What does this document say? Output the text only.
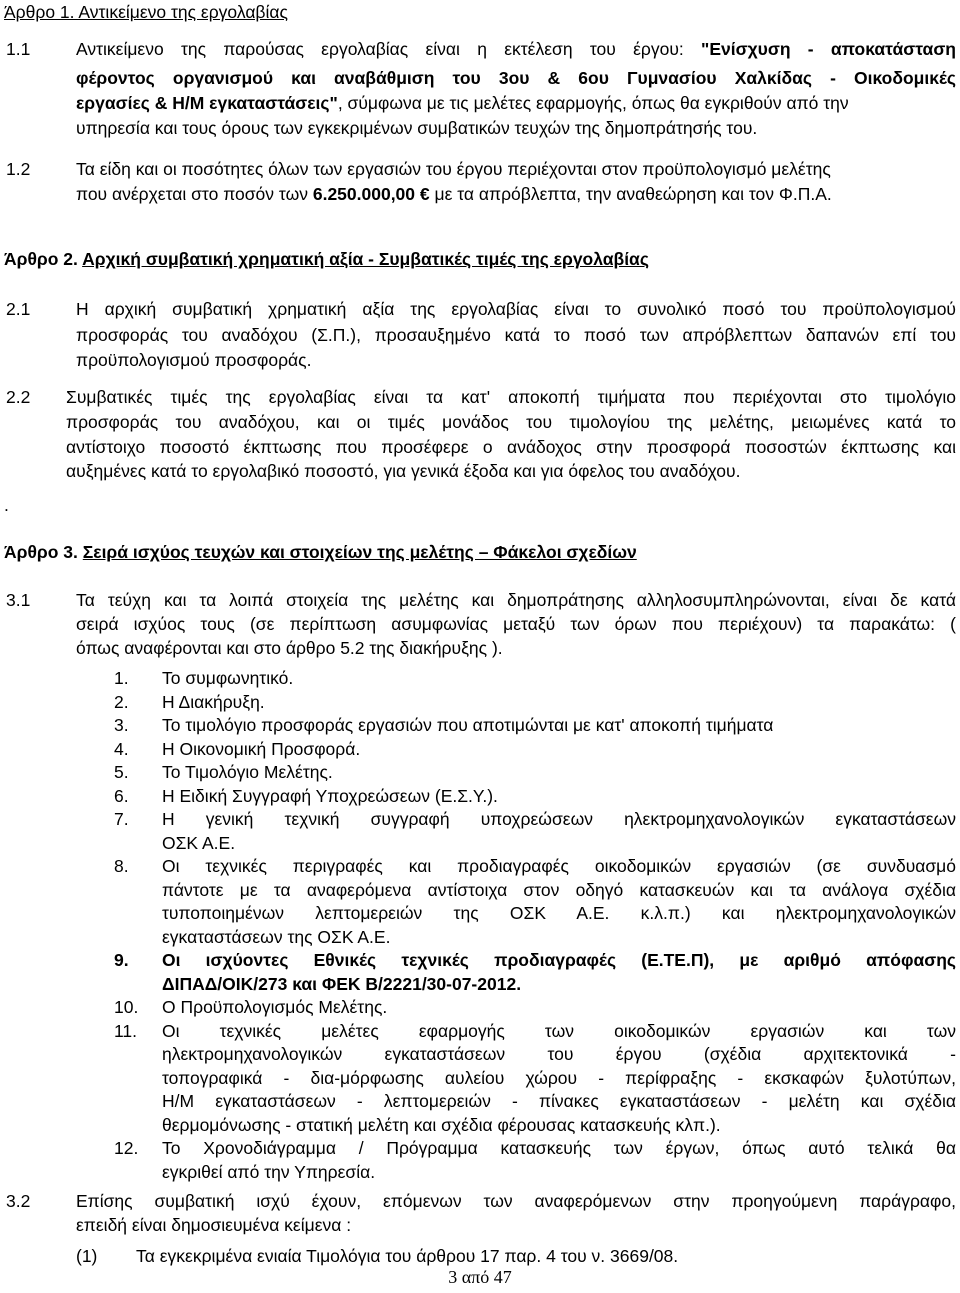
Άρθρο 1. Αντικείμενο της εργολαβίας
1.1	Αντικείμενο της παρούσας εργολαβίας είναι η εκτέλεση του έργου: "Ενίσχυση - αποκατάσταση
φέροντος οργανισμού και αναβάθμιση του 3ου & 6ου Γυμνασίου Χαλκίδας - Οικοδομικές
εργασίες & Η/Μ εγκαταστάσεις", σύμφωνα με τις μελέτες εφαρμογής, όπως θα εγκριθούν από την
υπηρεσία και τους όρους των εγκεκριμένων συμβατικών τευχών της δημοπράτησής του.
1.2	Τα είδη και οι ποσότητες όλων των εργασιών του έργου περιέχονται στον προϋπολογισμό μελέτης
που ανέρχεται στο ποσόν των 6.250.000,00 € με τα απρόβλεπτα, την αναθεώρηση και τον Φ.Π.Α.
Άρθρο 2. Αρχική συμβατική χρηματική αξία - Συμβατικές τιμές της εργολαβίας
2.1	Η αρχική συμβατική χρηματική αξία της εργολαβίας είναι το συνολικό ποσό του προϋπολογισμού
προσφοράς του αναδόχου (Σ.Π.), προσαυξημένο κατά το ποσό των απρόβλεπτων δαπανών επί του
προϋπολογισμού προσφοράς.
2.2 Συμβατικές τιμές της εργολαβίας είναι τα κατ' αποκοπή τιμήματα που περιέχονται στο τιμολόγιο
προσφοράς του αναδόχου, και οι τιμές μονάδος του τιμολογίου της μελέτης, μειωμένες κατά το
αντίστοιχο ποσοστό έκπτωσης που προσέφερε ο ανάδοχος στην προσφορά ποσοστών έκπτωσης και
αυξημένες κατά το εργολαβικό ποσοστό, για γενικά έξοδα και για όφελος του αναδόχου.
.
Άρθρο 3. Σειρά ισχύος τευχών και στοιχείων της μελέτης – Φάκελοι σχεδίων
3.1	Τα τεύχη και τα λοιπά στοιχεία της μελέτης και δημοπράτησης αλληλοσυμπληρώνονται, είναι δε κατά
σειρά ισχύος τους (σε περίπτωση ασυμφωνίας μεταξύ των όρων που περιέχουν) τα παρακάτω: (
όπως αναφέρονται και στο άρθρο 5.2 της διακήρυξης ).
1. Το συμφωνητικό.
2. Η Διακήρυξη.
3. Το τιμολόγιο προσφοράς εργασιών που αποτιμώνται με κατ' αποκοπή τιμήματα
4. Η Οικονομική Προσφορά.
5. Το Τιμολόγιο Μελέτης.
6. Η Ειδική Συγγραφή Υποχρεώσεων (Ε.Σ.Υ.).
7. Η γενική τεχνική συγγραφή υποχρεώσεων ηλεκτρομηχανολογικών εγκαταστάσεων
ΟΣΚ Α.Ε.
8. Οι τεχνικές περιγραφές και προδιαγραφές οικοδομικών εργασιών (σε συνδυασμό
πάντοτε με τα αναφερόμενα αντίστοιχα στον οδηγό κατασκευών και τα ανάλογα σχέδια
τυποποιημένων λεπτομερειών της ΟΣΚ Α.Ε. κ.λ.π.) και ηλεκτρομηχανολογικών
εγκαταστάσεων της ΟΣΚ Α.Ε.
9. Οι ισχύοντες Εθνικές τεχνικές προδιαγραφές (Ε.ΤΕ.Π), με αριθμό απόφασης
ΔΙΠΑΔ/ΟΙΚ/273 και ΦΕΚ Β/2221/30-07-2012.
10. Ο Προϋπολογισμός Μελέτης.
11. Οι τεχνικές μελέτες εφαρμογής των οικοδομικών εργασιών και των
ηλεκτρομηχανολογικών εγκαταστάσεων του έργου (σχέδια αρχιτεκτονικά -
τοπογραφικά - δια-μόρφωσης αυλείου χώρου - περίφραξης - εκσκαφών ξυλοτύπων,
Η/Μ εγκαταστάσεων - λεπτομερειών - πίνακες εγκαταστάσεων - μελέτη και σχέδια
θερμομόνωσης - στατική μελέτη και σχέδια φέρουσας κατασκευής κλπ.).
12. Το Χρονοδιάγραμμα / Πρόγραμμα κατασκευής των έργων, όπως αυτό τελικά θα
εγκριθεί από την Υπηρεσία.
3.2	Επίσης συμβατική ισχύ έχουν, επόμενων των αναφερόμενων στην προηγούμενη παράγραφο,
επειδή είναι δημοσιευμένα κείμενα :
(1) Τα εγκεκριμένα ενιαία Τιμολόγια του άρθρου 17 παρ. 4 του ν. 3669/08.
3 από 47
